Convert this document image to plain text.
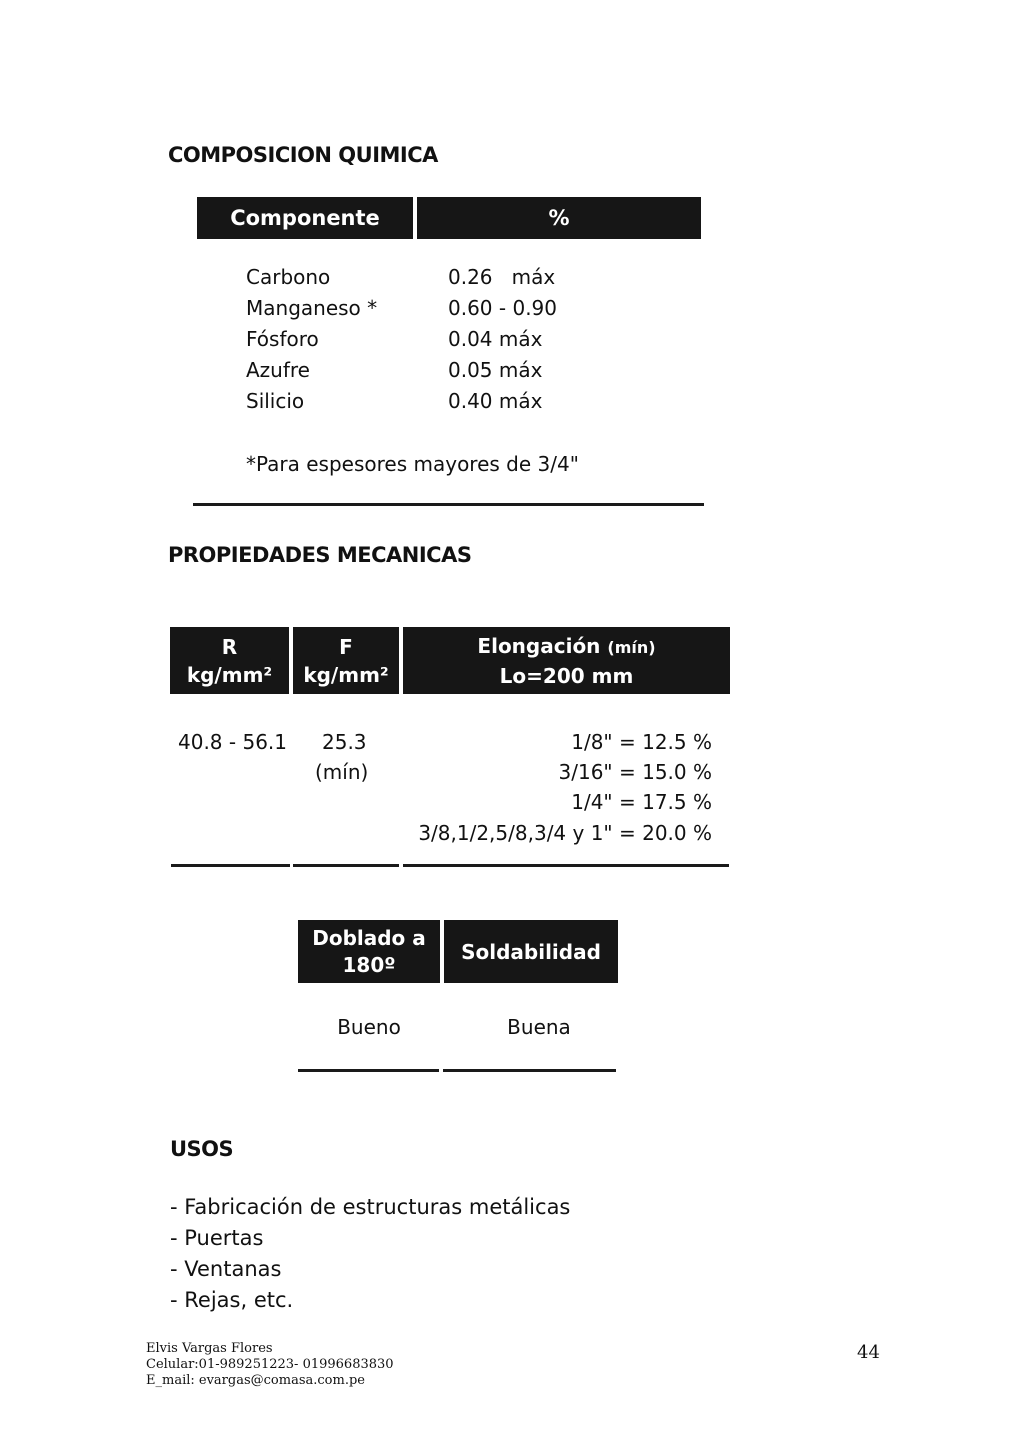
COMPOSICION QUIMICA
Componente	%
Carbono
Manganeso *
Fósforo
Azufre
Silicio
0.26   máx
0.60 - 0.90
0.04 máx
0.05 máx
0.40 máx
*Para espesores mayores de 3/4"
PROPIEDADES MECANICAS
R
kg/mm²
F
kg/mm²
Elongación (mín)
Lo=200 mm
40.8 - 56.1 25.3
(mín)
1/8" = 12.5 %
3/16" = 15.0 %
1/4" = 17.5 %
3/8,1/2,5/8,3/4 y 1" = 20.0 %
Doblado a
180º
Soldabilidad
Bueno	Buena
USOS
- Fabricación de estructuras metálicas
- Puertas
- Ventanas
- Rejas, etc.
Elvis Vargas Flores
Celular:01-989251223- 01996683830
E_mail: evargas@comasa.com.pe
44
